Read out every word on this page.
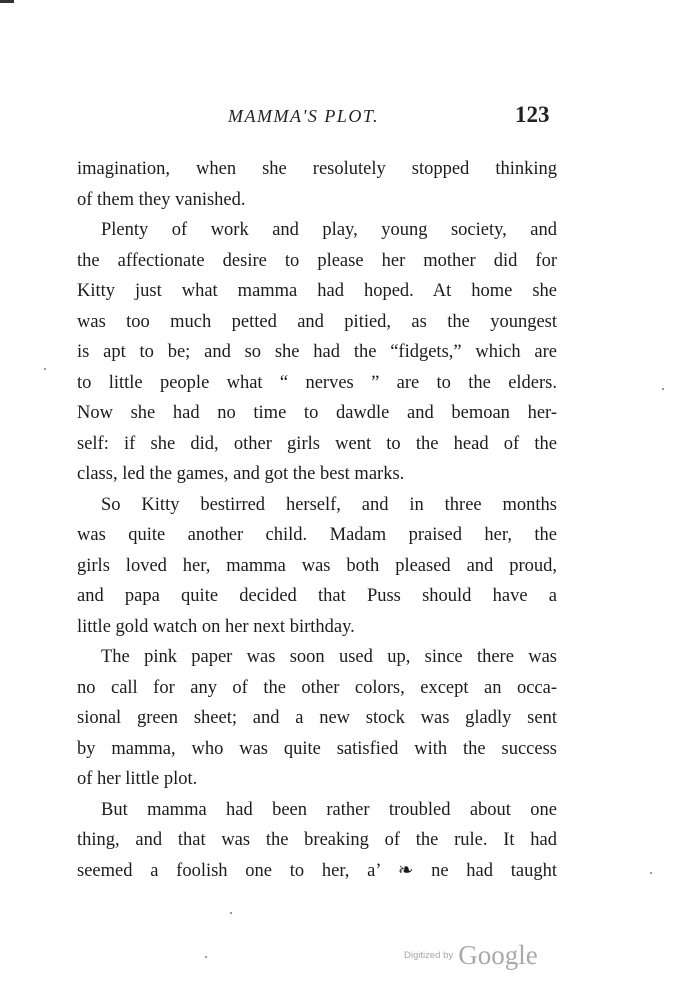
MAMMA'S PLOT.	123
imagination, when she resolutely stopped thinking
of them they vanished.
Plenty of work and play, young society, and
the affectionate desire to please her mother did for
Kitty just what mamma had hoped. At home she
was too much petted and pitied, as the youngest
is apt to be; and so she had the “fidgets,” which are
to little people what “ nerves ” are to the elders.
Now she had no time to dawdle and bemoan her-
self: if she did, other girls went to the head of the
class, led the games, and got the best marks.
So Kitty bestirred herself, and in three months
was quite another child. Madam praised her, the
girls loved her, mamma was both pleased and proud,
and papa quite decided that Puss should have a
little gold watch on her next birthday.
The pink paper was soon used up, since there was
no call for any of the other colors, except an occa-
sional green sheet; and a new stock was gladly sent
by mamma, who was quite satisfied with the success
of her little plot.
But mamma had been rather troubled about one
thing, and that was the breaking of the rule. It had
seemed a foolish one to her, a’ ❧ ne had taught
Digitized by Google
